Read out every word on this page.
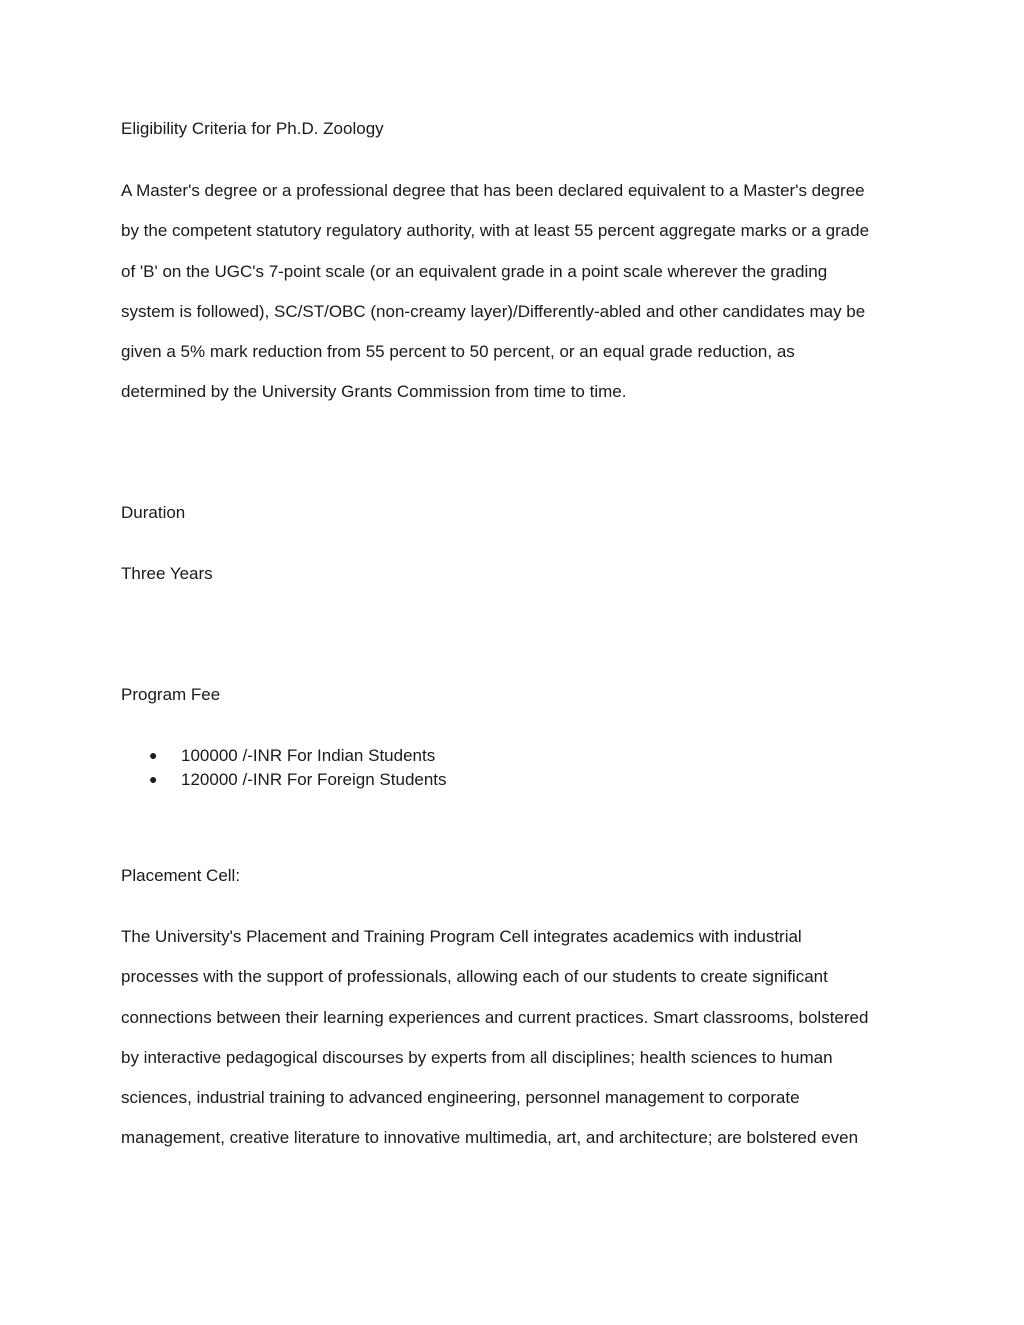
Eligibility Criteria for Ph.D. Zoology

A Master's degree or a professional degree that has been declared equivalent to a Master's degree
by the competent statutory regulatory authority, with at least 55 percent aggregate marks or a grade
of 'B' on the UGC's 7-point scale (or an equivalent grade in a point scale wherever the grading
system is followed), SC/ST/OBC (non-creamy layer)/Differently-abled and other candidates may be
given a 5% mark reduction from 55 percent to 50 percent, or an equal grade reduction, as
determined by the University Grants Commission from time to time.

Duration

Three Years

Program Fee

● 100000 /-INR For Indian Students
● 120000 /-INR For Foreign Students

Placement Cell:

The University's Placement and Training Program Cell integrates academics with industrial
processes with the support of professionals, allowing each of our students to create significant
connections between their learning experiences and current practices. Smart classrooms, bolstered
by interactive pedagogical discourses by experts from all disciplines; health sciences to human
sciences, industrial training to advanced engineering, personnel management to corporate
management, creative literature to innovative multimedia, art, and architecture; are bolstered even
